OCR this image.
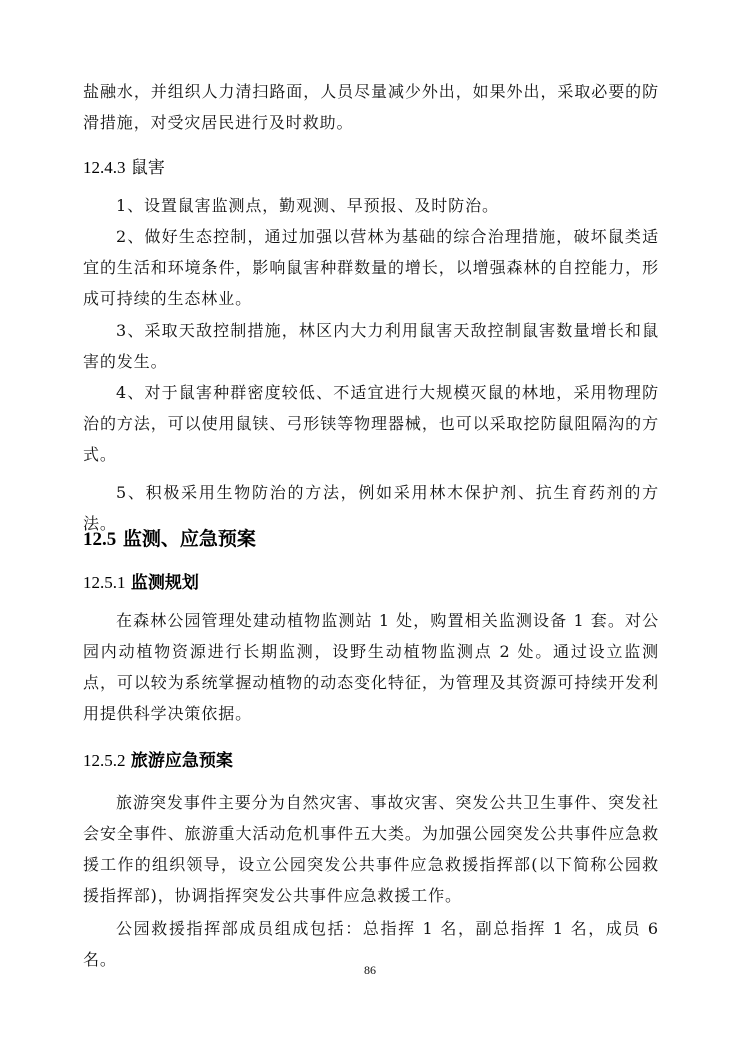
盐融水，并组织人力清扫路面，人员尽量减少外出，如果外出，采取必要的防滑措施，对受灾居民进行及时救助。

12.4.3 鼠害

1、设置鼠害监测点，勤观测、早预报、及时防治。

2、做好生态控制，通过加强以营林为基础的综合治理措施，破坏鼠类适宜的生活和环境条件，影响鼠害种群数量的增长，以增强森林的自控能力，形成可持续的生态林业。

3、采取天敌控制措施，林区内大力利用鼠害天敌控制鼠害数量增长和鼠害的发生。

4、对于鼠害种群密度较低、不适宜进行大规模灭鼠的林地，采用物理防治的方法，可以使用鼠铗、弓形铗等物理器械，也可以采取挖防鼠阻隔沟的方式。

5、积极采用生物防治的方法，例如采用林木保护剂、抗生育药剂的方法。

12.5 监测、应急预案
12.5.1 监测规划

在森林公园管理处建动植物监测站 1 处，购置相关监测设备 1 套。对公园内动植物资源进行长期监测，设野生动植物监测点 2 处。通过设立监测点，可以较为系统掌握动植物的动态变化特征，为管理及其资源可持续开发利用提供科学决策依据。

12.5.2 旅游应急预案

旅游突发事件主要分为自然灾害、事故灾害、突发公共卫生事件、突发社会安全事件、旅游重大活动危机事件五大类。为加强公园突发公共事件应急救援工作的组织领导，设立公园突发公共事件应急救援指挥部(以下简称公园救援指挥部)，协调指挥突发公共事件应急救援工作。

公园救援指挥部成员组成包括：总指挥 1 名，副总指挥 1 名，成员 6 名。

86
